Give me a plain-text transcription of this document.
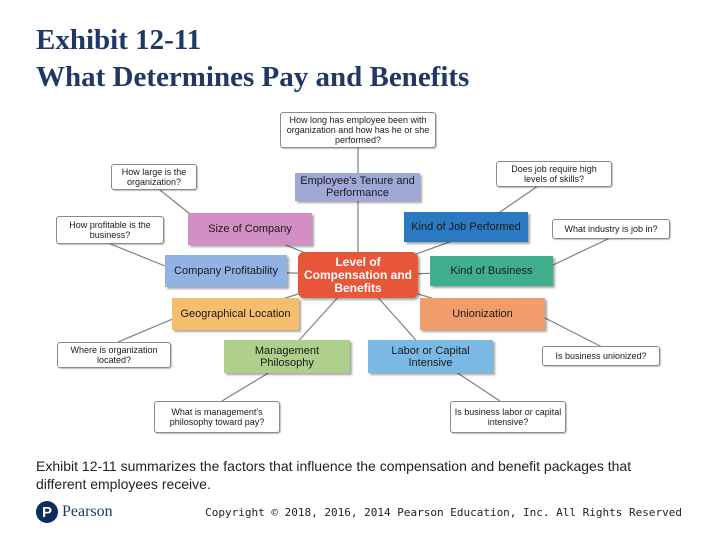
Exhibit 12-11
What Determines Pay and Benefits
Level of Compensation and Benefits
Employee's Tenure and Performance
Kind of Job Performed
Kind of Business
Unionization
Labor or Capital Intensive
Management Philosophy
Geographical Location
Company Profitability
Size of Company
How long has employee been with organization and how has he or she performed?
Does job require high levels of skills?
What industry is job in?
Is business unionized?
Is business labor or capital intensive?
What is management's philosophy toward pay?
Where is organization located?
How profitable is the business?
How large is the organization?
Exhibit 12-11 summarizes the factors that influence the compensation and benefit packages that different employees receive.
P Pearson	Copyright © 2018, 2016, 2014 Pearson Education, Inc. All Rights Reserved
